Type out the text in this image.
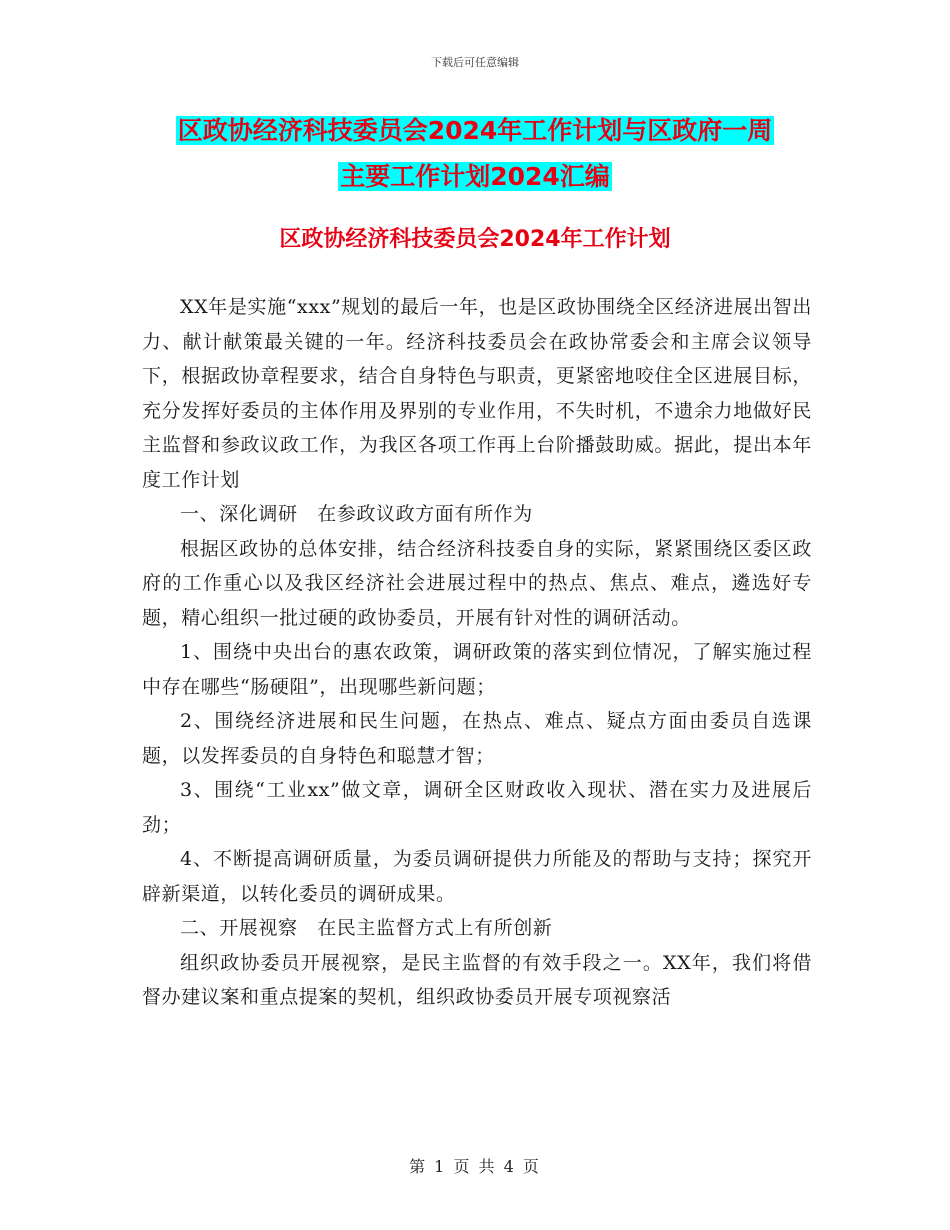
下载后可任意编辑
区政协经济科技委员会2024年工作计划与区政府一周
主要工作计划2024汇编
区政协经济科技委员会2024年工作计划

XX年是实施“xxx”规划的最后一年，也是区政协围绕全区经济进展出智出力、献计献策最关键的一年。经济科技委员会在政协常委会和主席会议领导下，根据政协章程要求，结合自身特色与职责，更紧密地咬住全区进展目标，充分发挥好委员的主体作用及界别的专业作用，不失时机，不遗余力地做好民主监督和参政议政工作，为我区各项工作再上台阶播鼓助威。据此，提出本年度工作计划

一、深化调研　在参政议政方面有所作为

根据区政协的总体安排，结合经济科技委自身的实际，紧紧围绕区委区政府的工作重心以及我区经济社会进展过程中的热点、焦点、难点，遴选好专题，精心组织一批过硬的政协委员，开展有针对性的调研活动。

1、围绕中央出台的惠农政策，调研政策的落实到位情况，了解实施过程中存在哪些“肠硬阻”，出现哪些新问题；

2、围绕经济进展和民生问题，在热点、难点、疑点方面由委员自选课题，以发挥委员的自身特色和聪慧才智；

3、围绕“工业xx”做文章，调研全区财政收入现状、潜在实力及进展后劲；

4、不断提高调研质量，为委员调研提供力所能及的帮助与支持；探究开辟新渠道，以转化委员的调研成果。

二、开展视察　在民主监督方式上有所创新

组织政协委员开展视察，是民主监督的有效手段之一。XX年，我们将借督办建议案和重点提案的契机，组织政协委员开展专项视察活

第 1 页 共 4 页
